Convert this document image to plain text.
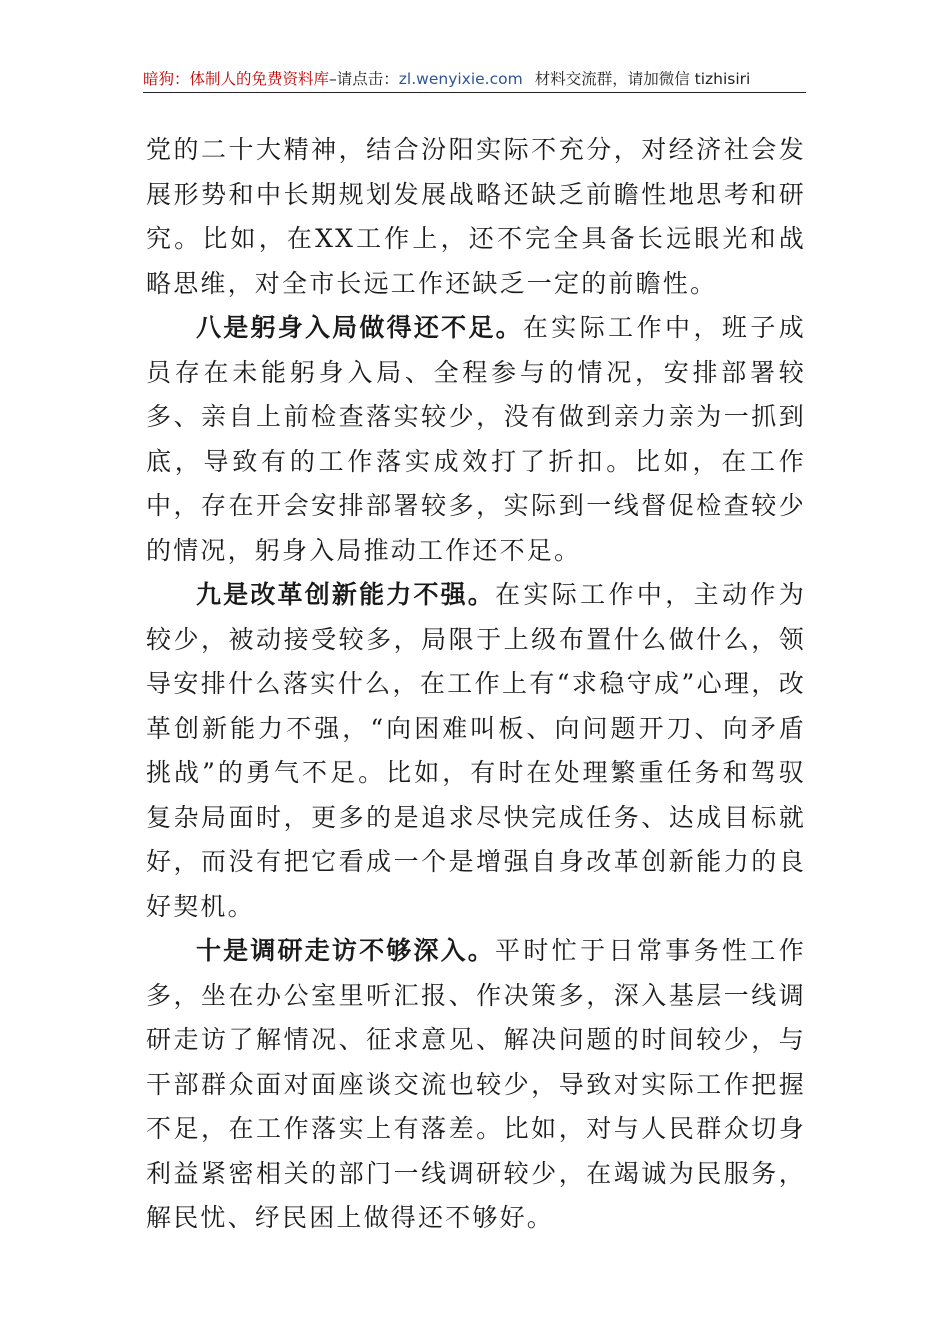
暗狗：体制人的免费资料库–请点击：zl.wenyixie.com 材料交流群，请加微信 tizhisiri

党的二十大精神，结合汾阳实际不充分，对经济社会发展形势和中长期规划发展战略还缺乏前瞻性地思考和研究。比如，在XX工作上，还不完全具备长远眼光和战略思维，对全市长远工作还缺乏一定的前瞻性。

八是躬身入局做得还不足。在实际工作中，班子成员存在未能躬身入局、全程参与的情况，安排部署较多、亲自上前检查落实较少，没有做到亲力亲为一抓到底，导致有的工作落实成效打了折扣。比如，在工作中，存在开会安排部署较多，实际到一线督促检查较少的情况，躬身入局推动工作还不足。

九是改革创新能力不强。在实际工作中，主动作为较少，被动接受较多，局限于上级布置什么做什么，领导安排什么落实什么，在工作上有“求稳守成”心理，改革创新能力不强，“向困难叫板、向问题开刀、向矛盾挑战”的勇气不足。比如，有时在处理繁重任务和驾驭复杂局面时，更多的是追求尽快完成任务、达成目标就好，而没有把它看成一个是增强自身改革创新能力的良好契机。

十是调研走访不够深入。平时忙于日常事务性工作多，坐在办公室里听汇报、作决策多，深入基层一线调研走访了解情况、征求意见、解决问题的时间较少，与干部群众面对面座谈交流也较少，导致对实际工作把握不足，在工作落实上有落差。比如，对与人民群众切身利益紧密相关的部门一线调研较少，在竭诚为民服务，解民忧、纾民困上做得还不够好。
